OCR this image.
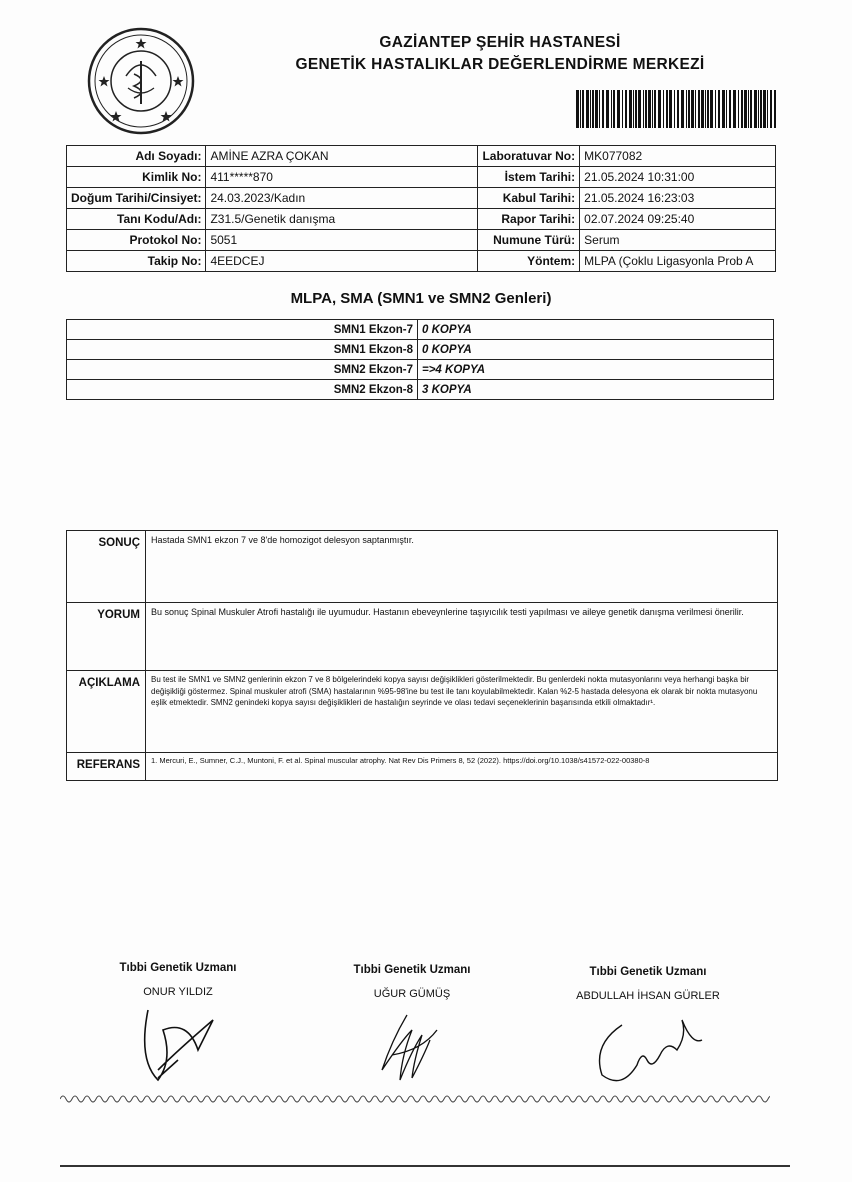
GAZİANTEP ŞEHİR HASTANESİ
GENETİK HASTALIKLAR DEĞERLENDİRME MERKEZİ
Adı Soyadı:	AMİNE AZRA ÇOKAN	Laboratuvar No:	MK077082
Kimlik No:	411*****870	İstem Tarihi:	21.05.2024 10:31:00
Doğum Tarihi/Cinsiyet:	24.03.2023/Kadın	Kabul Tarihi:	21.05.2024 16:23:03
Tanı Kodu/Adı:	Z31.5/Genetik danışma	Rapor Tarihi:	02.07.2024 09:25:40
Protokol No:	5051	Numune Türü:	Serum
Takip No:	4EEDCEJ	Yöntem:	MLPA (Çoklu Ligasyonla Prob A
MLPA, SMA (SMN1 ve SMN2 Genleri)
SMN1 Ekzon-7	0 KOPYA
SMN1 Ekzon-8	0 KOPYA
SMN2 Ekzon-7	=>4 KOPYA
SMN2 Ekzon-8	3 KOPYA
SONUÇ	Hastada SMN1 ekzon 7 ve 8'de homozigot delesyon saptanmıştır.
YORUM	Bu sonuç Spinal Muskuler Atrofi hastalığı ile uyumudur. Hastanın ebeveynlerine taşıyıcılık testi yapılması ve aileye genetik danışma verilmesi önerilir.
AÇIKLAMA	Bu test ile SMN1 ve SMN2 genlerinin ekzon 7 ve 8 bölgelerindeki kopya sayısı değişiklikleri gösterilmektedir. Bu genlerdeki nokta mutasyonlarını veya herhangi başka bir değişikliği göstermez. Spinal muskuler atrofi (SMA) hastalarının %95-98'ine bu test ile tanı koyulabilmektedir. Kalan %2-5 hastada delesyona ek olarak bir nokta mutasyonu eşlik etmektedir. SMN2 genindeki kopya sayısı değişiklikleri de hastalığın seyrinde ve olası tedavi seçeneklerinin başarısında etkili olmaktadır¹.
REFERANS	1. Mercuri, E., Sumner, C.J., Muntoni, F. et al. Spinal muscular atrophy. Nat Rev Dis Primers 8, 52 (2022). https://doi.org/10.1038/s41572-022-00380-8
Tıbbi Genetik Uzmanı
ONUR YILDIZ
Tıbbi Genetik Uzmanı
UĞUR GÜMÜŞ
Tıbbi Genetik Uzmanı
ABDULLAH İHSAN GÜRLER
